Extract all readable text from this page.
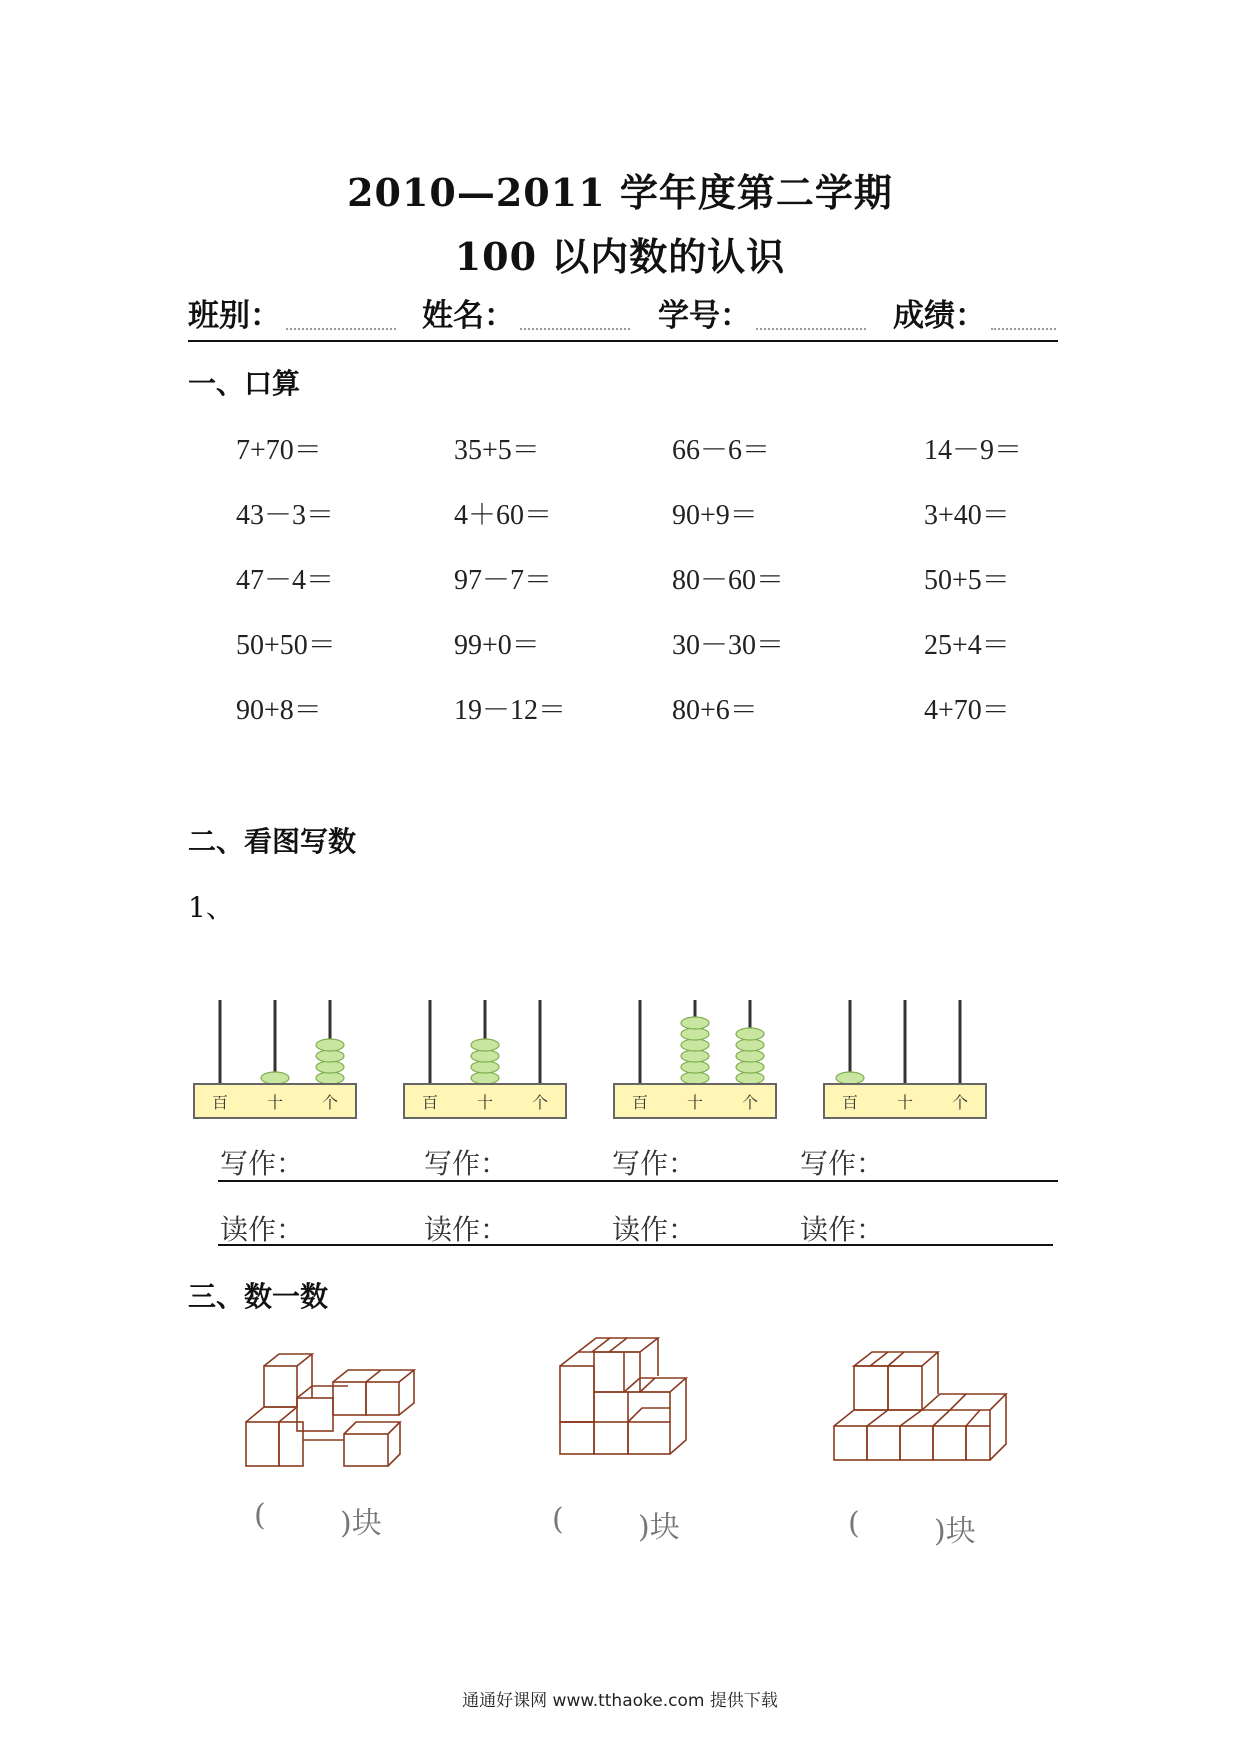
2010—2011 学年度第二学期
100 以内数的认识
班别：	姓名：	学号：	成绩：
一、口算
7+70＝	35+5＝	66－6＝	14－9＝
43－3＝	4＋60＝	90+9＝	3+40＝
47－4＝	97－7＝	80－60＝	50+5＝
50+50＝	99+0＝	30－30＝	25+4＝
90+8＝	19－12＝	80+6＝	4+70＝
二、看图写数
1、
百 十 个	百 十 个	百 十 个	百 十 个
写作：	写作：	写作：	写作：
读作：	读作：	读作：	读作：
三、数一数
( )块	( )块	( )块
通通好课网 www.tthaoke.com 提供下载
